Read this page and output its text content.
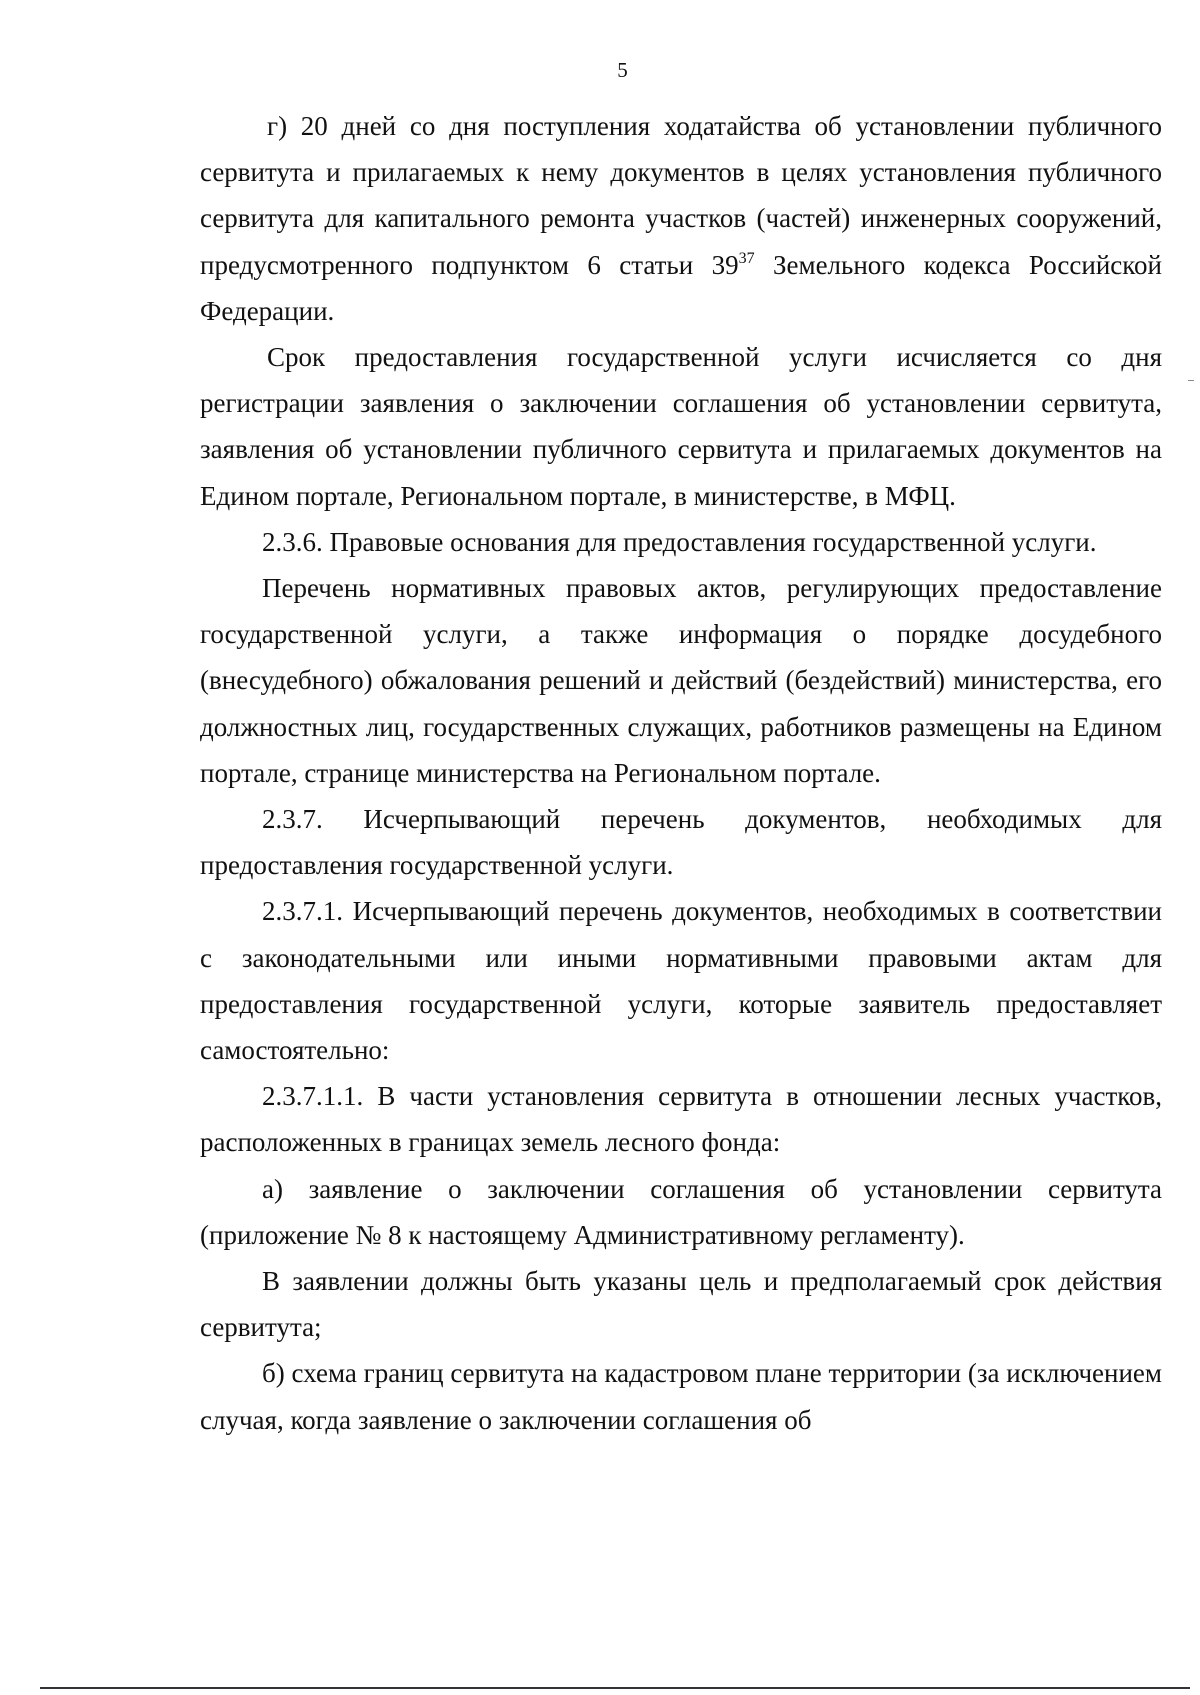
5

г) 20 дней со дня поступления ходатайства об установлении публичного сервитута и прилагаемых к нему документов в целях установления публичного сервитута для капитального ремонта участков (частей) инженерных сооружений, предусмотренного подпунктом 6 статьи $39^{37}$ Земельного кодекса Российской Федерации.

Срок предоставления государственной услуги исчисляется со дня регистрации заявления о заключении соглашения об установлении сервитута, заявления об установлении публичного сервитута и прилагаемых документов на Едином портале, Региональном портале, в министерстве, в МФЦ.

2.3.6. Правовые основания для предоставления государственной услуги.

Перечень нормативных правовых актов, регулирующих предоставление государственной услуги, а также информация о порядке досудебного (внесудебного) обжалования решений и действий (бездействий) министерства, его должностных лиц, государственных служащих, работников размещены на Едином портале, странице министерства на Региональном портале.

2.3.7. Исчерпывающий перечень документов, необходимых для предоставления государственной услуги.

2.3.7.1. Исчерпывающий перечень документов, необходимых в соответствии с законодательными или иными нормативными правовыми актам для предоставления государственной услуги, которые заявитель предоставляет самостоятельно:

2.3.7.1.1. В части установления сервитута в отношении лесных участков, расположенных в границах земель лесного фонда:

а) заявление о заключении соглашения об установлении сервитута (приложение № 8 к настоящему Административному регламенту).

В заявлении должны быть указаны цель и предполагаемый срок действия сервитута;

б) схема границ сервитута на кадастровом плане территории (за исключением случая, когда заявление о заключении соглашения об
